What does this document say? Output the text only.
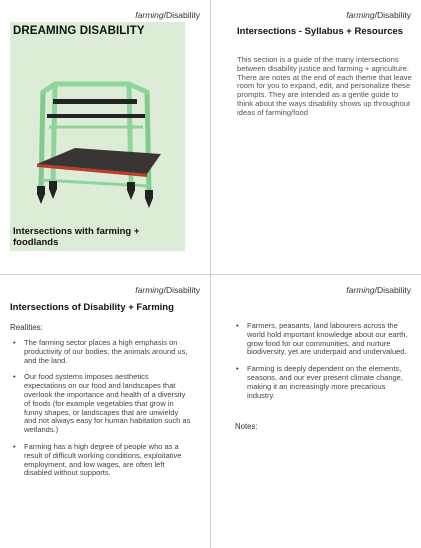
farming/Disability
DREAMING DISABILITY
Intersections with farming + foodlands
farming/Disability
Intersections - Syllabus + Resources
This section is a guide of the many intersections between disability justice and farming + agriculture. There are notes at the end of each theme that leave room for you to expand, edit, and personalize these prompts. They are intended as a gentle guide to think about the ways disability shows up throughout ideas of farming/food
farming/Disability
Intersections of Disability + Farming
Realities:
• The farming sector places a high emphasis on productivity of our bodies, the animals around us, and the land.
• Our food systems imposes aesthetics expectations on our food and landscapes that overlook the importance and health of a diversity of foods (for example vegetables that grow in funny shapes, or landscapes that are unwieldy and not always easy for human habitation such as wetlands.)
• Farming has a high degree of people who as a result of difficult working conditions, exploitative employment, and low wages, are often left disabled without supports.
farming/Disability
• Farmers, peasants, land labourers across the world hold important knowledge about our earth, grow food for our communities, and nurture biodiversity, yet are underpaid and undervalued.
• Farming is deeply dependent on the elements, seasons, and our ever present climate change, making it an increasingly more precarious industry.
Notes:
